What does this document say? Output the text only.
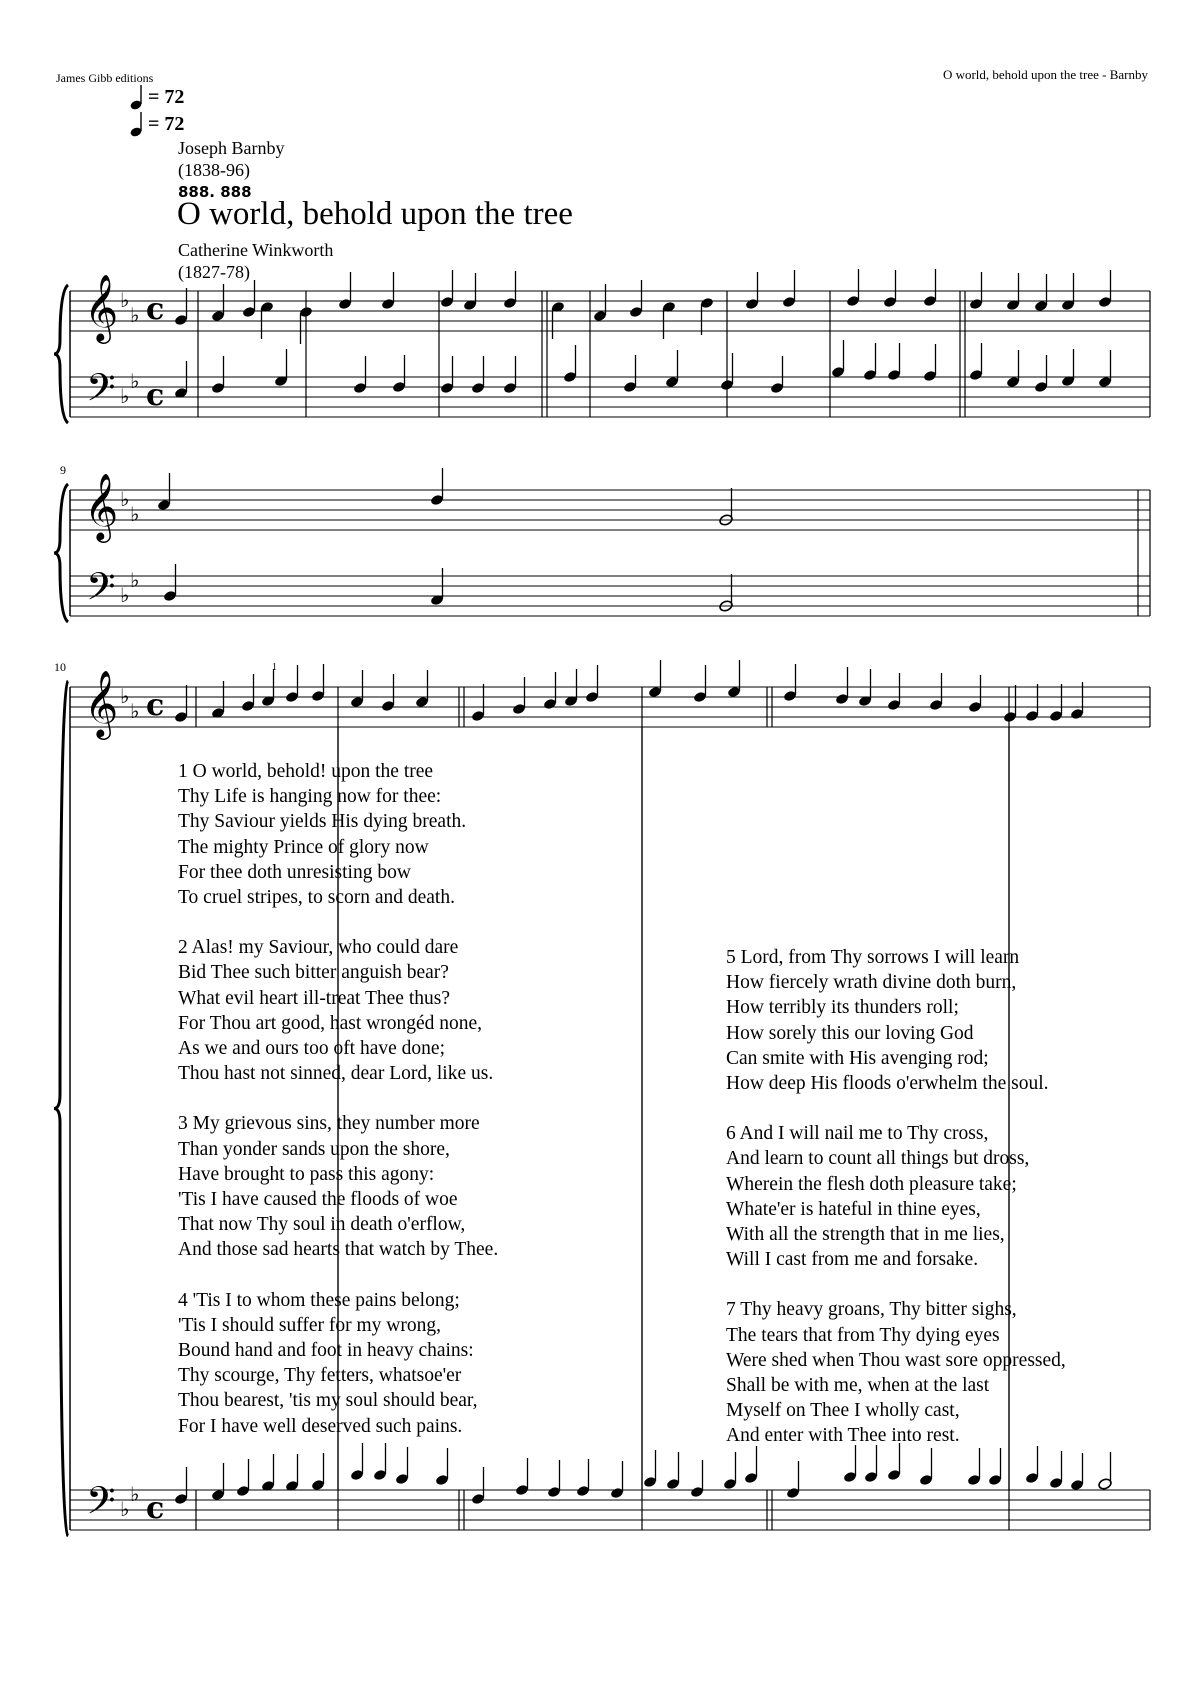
𝄞
𝄢
♭
♭
♭
♭
c
c
𝄞
𝄢
♭
♭
♭
♭
𝄞
𝄢
♭
♭
♭
♭
c
c
James Gibb editions	O world, behold upon the tree - Barnby
= 72
= 72
Joseph Barnby
(1838-96)
888. 888
O world, behold upon the tree
Catherine Winkworth
(1827-78)
9
10	1
1 O world, behold! upon the tree
Thy Life is hanging now for thee:
Thy Saviour yields His dying breath.
The mighty Prince of glory now
For thee doth unresisting bow
To cruel stripes, to scorn and death.
2 Alas! my Saviour, who could dare
Bid Thee such bitter anguish bear?
What evil heart ill-treat Thee thus?
For Thou art good, hast wrongéd none,
As we and ours too oft have done;
Thou hast not sinned, dear Lord, like us.
3 My grievous sins, they number more
Than yonder sands upon the shore,
Have brought to pass this agony:
'Tis I have caused the floods of woe
That now Thy soul in death o'erflow,
And those sad hearts that watch by Thee.
4 'Tis I to whom these pains belong;
'Tis I should suffer for my wrong,
Bound hand and foot in heavy chains:
Thy scourge, Thy fetters, whatsoe'er
Thou bearest, 'tis my soul should bear,
For I have well deserved such pains.
5 Lord, from Thy sorrows I will learn
How fiercely wrath divine doth burn,
How terribly its thunders roll;
How sorely this our loving God
Can smite with His avenging rod;
How deep His floods o'erwhelm the soul.
6 And I will nail me to Thy cross,
And learn to count all things but dross,
Wherein the flesh doth pleasure take;
Whate'er is hateful in thine eyes,
With all the strength that in me lies,
Will I cast from me and forsake.
7 Thy heavy groans, Thy bitter sighs,
The tears that from Thy dying eyes
Were shed when Thou wast sore oppressed,
Shall be with me, when at the last
Myself on Thee I wholly cast,
And enter with Thee into rest.
